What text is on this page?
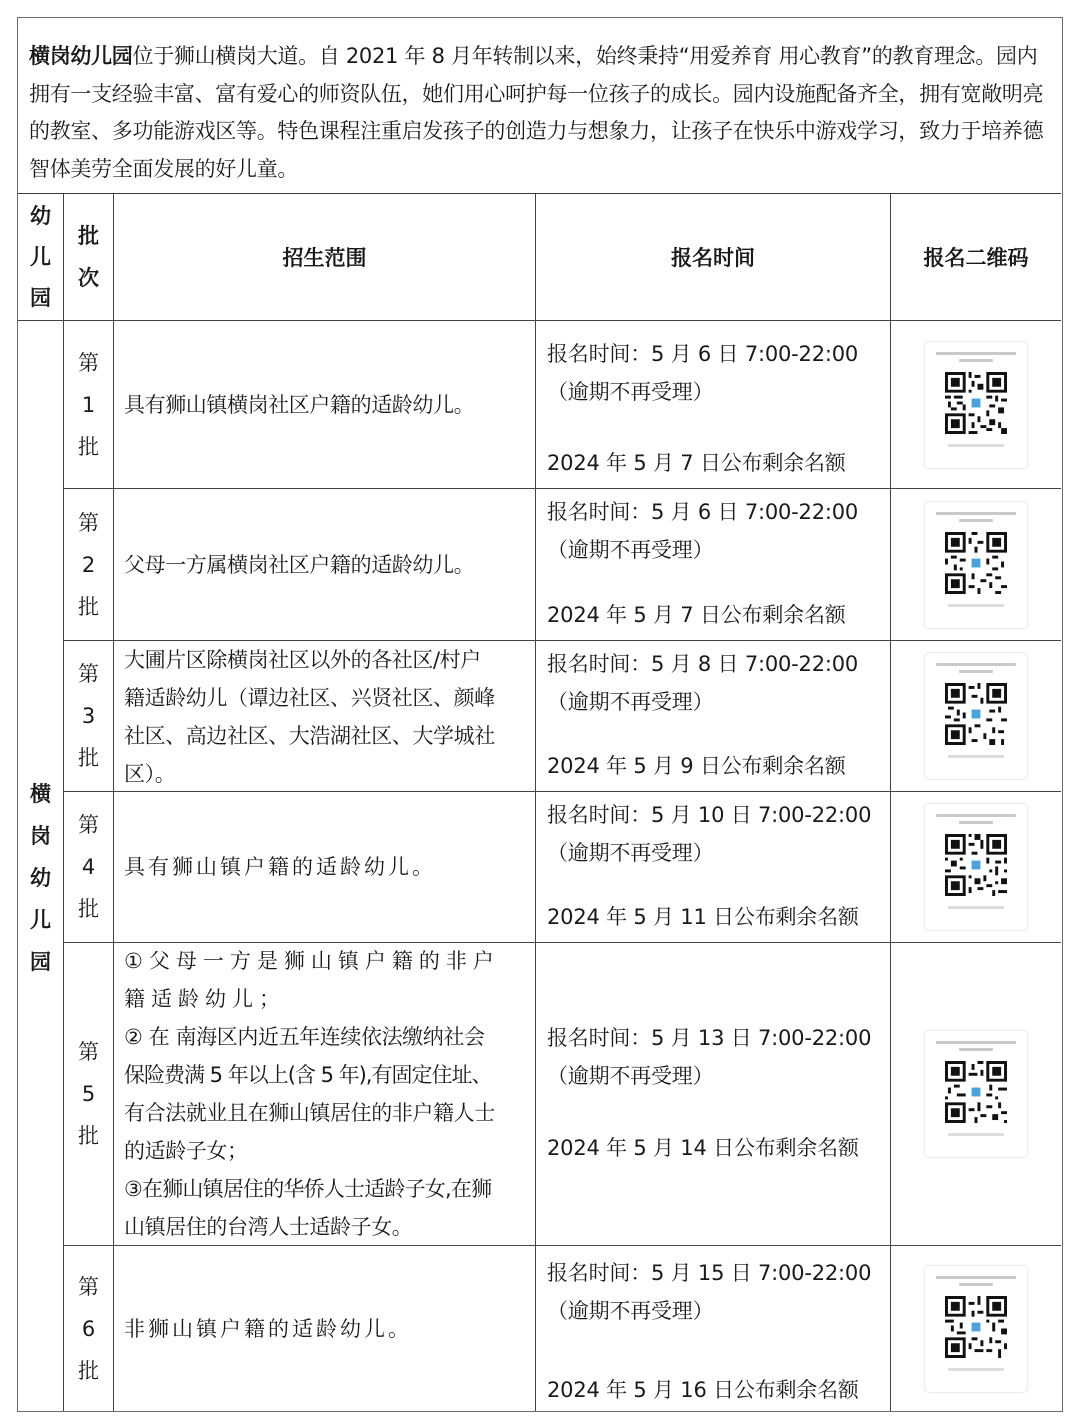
横岗幼儿园位于狮山横岗大道。自 2021 年 8 月年转制以来，始终秉持“用爱养育 用心教育”的教育理念。园内拥有一支经验丰富、富有爱心的师资队伍，她们用心呵护每一位孩子的成长。园内设施配备齐全，拥有宽敞明亮的教室、多功能游戏区等。特色课程注重启发孩子的创造力与想象力，让孩子在快乐中游戏学习，致力于培养德智体美劳全面发展的好儿童。
幼
儿
园
批
次
招生范围	报名时间	报名二维码
横
岗
幼
儿
园
第
1
批
具有狮山镇横岗社区户籍的适龄幼儿。
报名时间：5 月 6 日 7:00-22:00
（逾期不再受理）
2024 年 5 月 7 日公布剩余名额
第
2
批
父母一方属横岗社区户籍的适龄幼儿。
报名时间：5 月 6 日 7:00-22:00
（逾期不再受理）
2024 年 5 月 7 日公布剩余名额
第
3
批
大圃片区除横岗社区以外的各社区/村户
籍适龄幼儿（谭边社区、兴贤社区、颜峰
社区、高边社区、大浩湖社区、大学城社
区）。
报名时间：5 月 8 日 7:00-22:00
（逾期不再受理）
2024 年 5 月 9 日公布剩余名额
第
4
批
具有狮山镇户籍的适龄幼儿。
报名时间：5 月 10 日 7:00-22:00
（逾期不再受理）
2024 年 5 月 11 日公布剩余名额
第
5
批
①父母一方是狮山镇户籍的非户
籍适龄幼儿；
② 在 南海区内近五年连续依法缴纳社会
保险费满 5 年以上(含 5 年),有固定住址、
有合法就业且在狮山镇居住的非户籍人士
的适龄子女；
③在狮山镇居住的华侨人士适龄子女,在狮
山镇居住的台湾人士适龄子女。
报名时间：5 月 13 日 7:00-22:00
（逾期不再受理）
2024 年 5 月 14 日公布剩余名额
第
6
批
非狮山镇户籍的适龄幼儿。
报名时间：5 月 15 日 7:00-22:00
（逾期不再受理）
2024 年 5 月 16 日公布剩余名额
